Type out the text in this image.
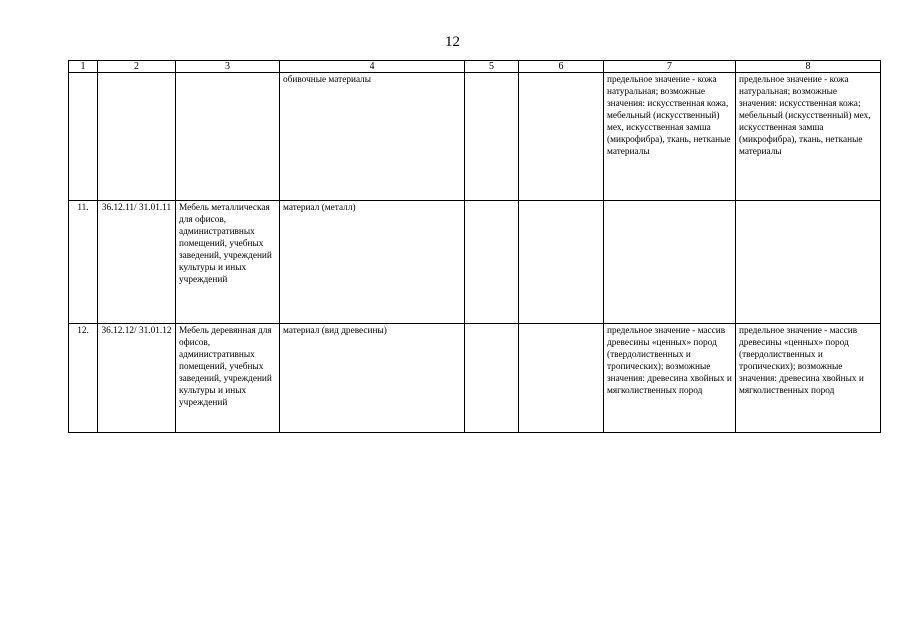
12
1	2	3	4	5	6	7	8
			обивочные материалы			предельное значение - кожа натуральная; возможные значения: искусственная кожа, мебельный (искусственный) мех, искусственная замша (микрофибра), ткань, нетканые материалы	предельное значение - кожа натуральная; возможные значения: искусственная кожа; мебельный (искусственный) мех, искусственная замша (микрофибра), ткань, нетканые материалы
11.	36.12.11/ 31.01.11	Мебель металлическая для офисов, административных помещений, учебных заведений, учреждений культуры и иных учреждений	материал (металл)				
12.	36.12.12/ 31.01.12	Мебель деревянная для офисов, административных помещений, учебных заведений, учреждений культуры и иных учреждений	материал (вид древесины)			предельное значение - массив древесины «ценных» пород (твердолиственных и тропических); возможные значения: древесина хвойных и мягколиственных пород	предельное значение - массив древесины «ценных» пород (твердолиственных и тропических); возможные значения: древесина хвойных и мягколиственных пород
